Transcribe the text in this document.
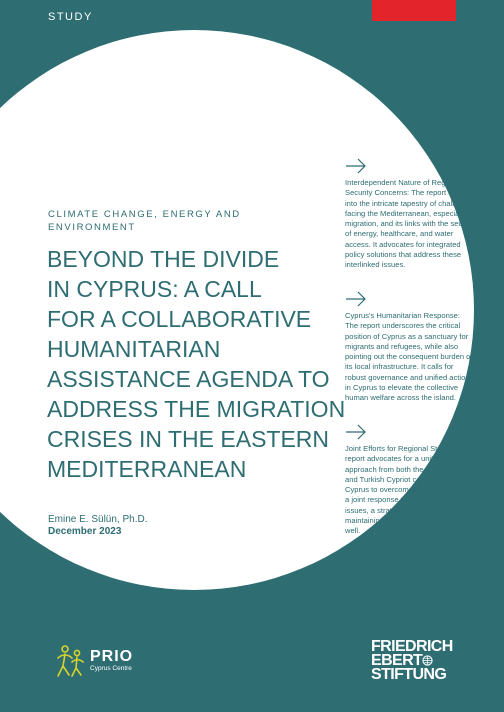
STUDY
CLIMATE CHANGE, ENERGY AND
ENVIRONMENT
BEYOND THE DIVIDE
IN CYPRUS: A CALL
FOR A COLLABORATIVE
HUMANITARIAN
ASSISTANCE AGENDA TO
ADDRESS THE MIGRATION
CRISES IN THE EASTERN
MEDITERRANEAN
Emine E. Sülün, Ph.D.
December 2023

Interdependent Nature of Regional Security Concerns: The report delves into the intricate tapestry of challenges facing the Mediterranean, especially migration, and its links with the sectors of energy, healthcare, and water access. It advocates for integrated policy solutions that address these interlinked issues.

Cyprus's Humanitarian Response: The report underscores the critical position of Cyprus as a sanctuary for migrants and refugees, while also pointing out the consequent burden on its local infrastructure. It calls for robust governance and unified actions in Cyprus to elevate the collective human welfare across the island.

Joint Efforts for Regional Stability: The report advocates for a united approach from both the Greek Cypriot and Turkish Cypriot communities in Cyprus to overcome divisions through a joint response to human security issues, a strategy that is vital for maintaining stability in the region as well.

PRIO
Cyprus Centre
FRIEDRICH
EBERT
STIFTUNG
